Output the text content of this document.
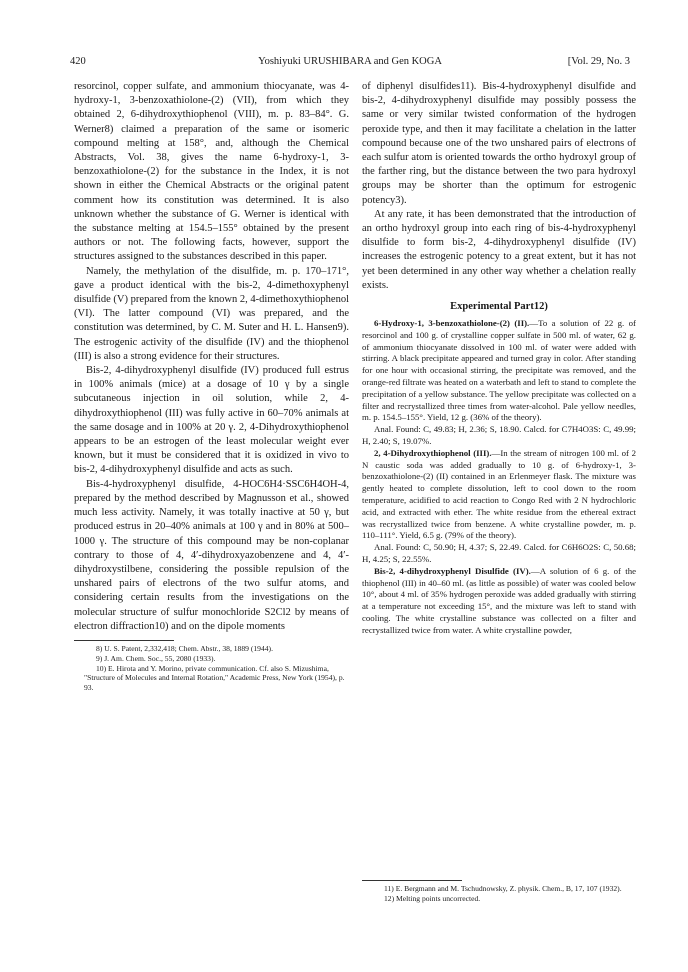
420	Yoshiyuki URUSHIBARA and Gen KOGA	[Vol. 29, No. 3

resorcinol, copper sulfate, and ammonium thiocyanate, was 4-hydroxy-1, 3-benzoxathiolone-(2) (VII), from which they obtained 2, 6-dihydroxythiophenol (VIII), m. p. 83–84°. G. Werner8) claimed a preparation of the same or isomeric compound melting at 158°, and, although the Chemical Abstracts, Vol. 38, gives the name 6-hydroxy-1, 3-benzoxathiolone-(2) for the substance in the Index, it is not shown in either the Chemical Abstracts or the original patent comment how its constitution was determined. It is also unknown whether the substance of G. Werner is identical with the substance melting at 154.5–155° obtained by the present authors or not. The following facts, however, support the structures assigned to the substances described in this paper.

Namely, the methylation of the disulfide, m. p. 170–171°, gave a product identical with the bis-2, 4-dimethoxyphenyl disulfide (V) prepared from the known 2, 4-dimethoxythiophenol (VI). The latter compound (VI) was prepared, and the constitution was determined, by C. M. Suter and H. L. Hansen9). The estrogenic activity of the disulfide (IV) and the thiophenol (III) is also a strong evidence for their structures.

Bis-2, 4-dihydroxyphenyl disulfide (IV) produced full estrus in 100% animals (mice) at a dosage of 10 γ by a single subcutaneous injection in oil solution, while 2, 4-dihydroxythiophenol (III) was fully active in 60–70% animals at the same dosage and in 100% at 20 γ. 2, 4-Dihydroxythiophenol appears to be an estrogen of the least molecular weight ever known, but it must be considered that it is oxidized in vivo to bis-2, 4-dihydroxyphenyl disulfide and acts as such.

Bis-4-hydroxyphenyl disulfide, 4-HOC6H4·SSC6H4OH-4, prepared by the method described by Magnusson et al., showed much less activity. Namely, it was totally inactive at 50 γ, but produced estrus in 20–40% animals at 100 γ and in 80% at 500–1000 γ. The structure of this compound may be non-coplanar contrary to those of 4, 4′-dihydroxyazobenzene and 4, 4′-dihydroxystilbene, considering the possible repulsion of the unshared pairs of electrons of the two sulfur atoms, and considering certain results from the investigations on the molecular structure of sulfur monochloride S2Cl2 by means of electron diffraction10) and on the dipole moments

8) U. S. Patent, 2,332,418; Chem. Abstr., 38, 1889 (1944).

9) J. Am. Chem. Soc., 55, 2080 (1933).

10) E. Hirota and Y. Morino, private communication. Cf. also S. Mizushima, "Structure of Molecules and Internal Rotation," Academic Press, New York (1954), p. 93.

of diphenyl disulfides11). Bis-4-hydroxyphenyl disulfide and bis-2, 4-dihydroxyphenyl disulfide may possibly possess the same or very similar twisted conformation of the hydrogen peroxide type, and then it may facilitate a chelation in the latter compound because one of the two unshared pairs of electrons of each sulfur atom is oriented towards the ortho hydroxyl group of the farther ring, but the distance between the two para hydroxyl groups may be shorter than the optimum for estrogenic potency3).

At any rate, it has been demonstrated that the introduction of an ortho hydroxyl group into each ring of bis-4-hydroxyphenyl disulfide to form bis-2, 4-dihydroxyphenyl disulfide (IV) increases the estrogenic potency to a great extent, but it has not yet been determined in any other way whether a chelation really exists.

Experimental Part12)

6-Hydroxy-1, 3-benzoxathiolone-(2) (II).—To a solution of 22 g. of resorcinol and 100 g. of crystalline copper sulfate in 500 ml. of water, 62 g. of ammonium thiocyanate dissolved in 100 ml. of water were added with stirring. A black precipitate appeared and turned gray in color. After standing for one hour with occasional stirring, the precipitate was removed, and the orange-red filtrate was heated on a waterbath and left to stand to complete the precipitation of a yellow substance. The yellow precipitate was collected on a filter and recrystallized three times from water-alcohol. Pale yellow needles, m. p. 154.5–155°. Yield, 12 g. (36% of the theory).

Anal. Found: C, 49.83; H, 2.36; S, 18.90. Calcd. for C7H4O3S: C, 49.99; H, 2.40; S, 19.07%.

2, 4-Dihydroxythiophenol (III).—In the stream of nitrogen 100 ml. of 2 N caustic soda was added gradually to 10 g. of 6-hydroxy-1, 3-benzoxathiolone-(2) (II) contained in an Erlenmeyer flask. The mixture was gently heated to complete dissolution, left to cool down to the room temperature, acidified to acid reaction to Congo Red with 2 N hydrochloric acid, and extracted with ether. The white residue from the ethereal extract was recrystallized twice from benzene. A white crystalline powder, m. p. 110–111°. Yield, 6.5 g. (79% of the theory).

Anal. Found: C, 50.90; H, 4.37; S, 22.49. Calcd. for C6H6O2S: C, 50.68; H, 4.25; S, 22.55%.

Bis-2, 4-dihydroxyphenyl Disulfide (IV).—A solution of 6 g. of the thiophenol (III) in 40–60 ml. (as little as possible) of water was cooled below 10°, about 4 ml. of 35% hydrogen peroxide was added gradually with stirring at a temperature not exceeding 15°, and the mixture was left to stand with cooling. The white crystalline substance was collected on a filter and recrystallized twice from water. A white crystalline powder,

11) E. Bergmann and M. Tschudnowsky, Z. physik. Chem., B, 17, 107 (1932).

12) Melting points uncorrected.
